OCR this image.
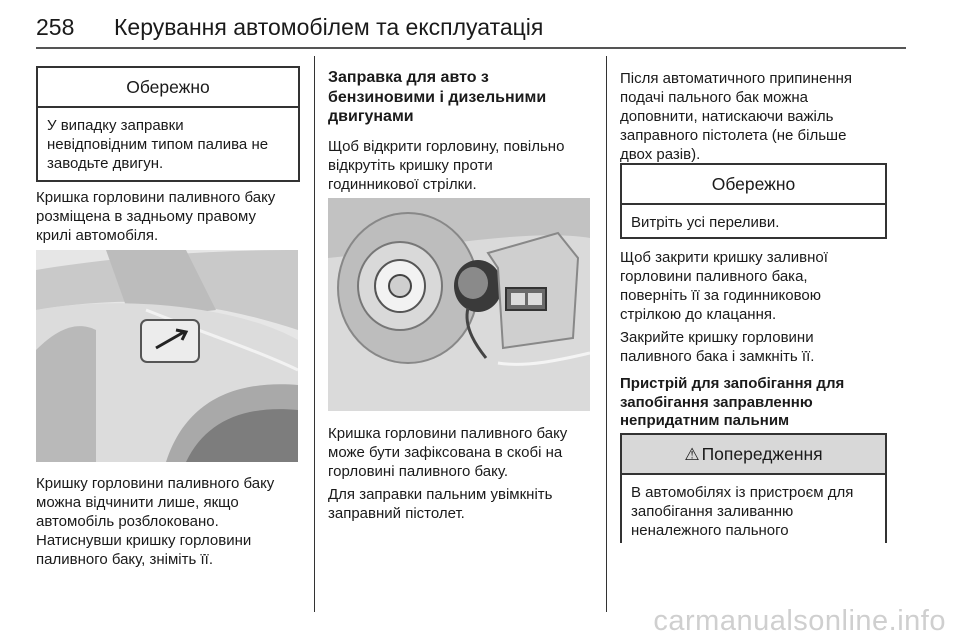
258 Керування автомобілем та експлуатація
Обережно
У випадку заправки
невідповідним типом палива не
заводьте двигун.
Кришка горловини паливного баку
розміщена в задньому правому
крилі автомобіля.
Кришку горловини паливного баку
можна відчинити лише, якщо
автомобіль розблоковано.
Натиснувши кришку горловини
паливного баку, зніміть її.
Заправка для авто з
бензиновими і дизельними
двигунами
Щоб відкрити горловину, повільно
відкрутіть кришку проти
годинникової стрілки.
Кришка горловини паливного баку
може бути зафіксована в скобі на
горловині паливного баку.
Для заправки пальним увімкніть
заправний пістолет.
Після автоматичного припинення
подачі пального бак можна
доповнити, натискаючи важіль
заправного пістолета (не більше
двох разів).
Обережно
Витріть усі переливи.
Щоб закрити кришку заливної
горловини паливного бака,
поверніть її за годинниковою
стрілкою до клацання.
Закрийте кришку горловини
паливного бака і замкніть її.
Пристрій для запобігання для
запобігання заправленню
непридатним пальним
⚠ Попередження
В автомобілях із пристроєм для
запобігання заливанню
неналежного пального
carmanualsonline.info
